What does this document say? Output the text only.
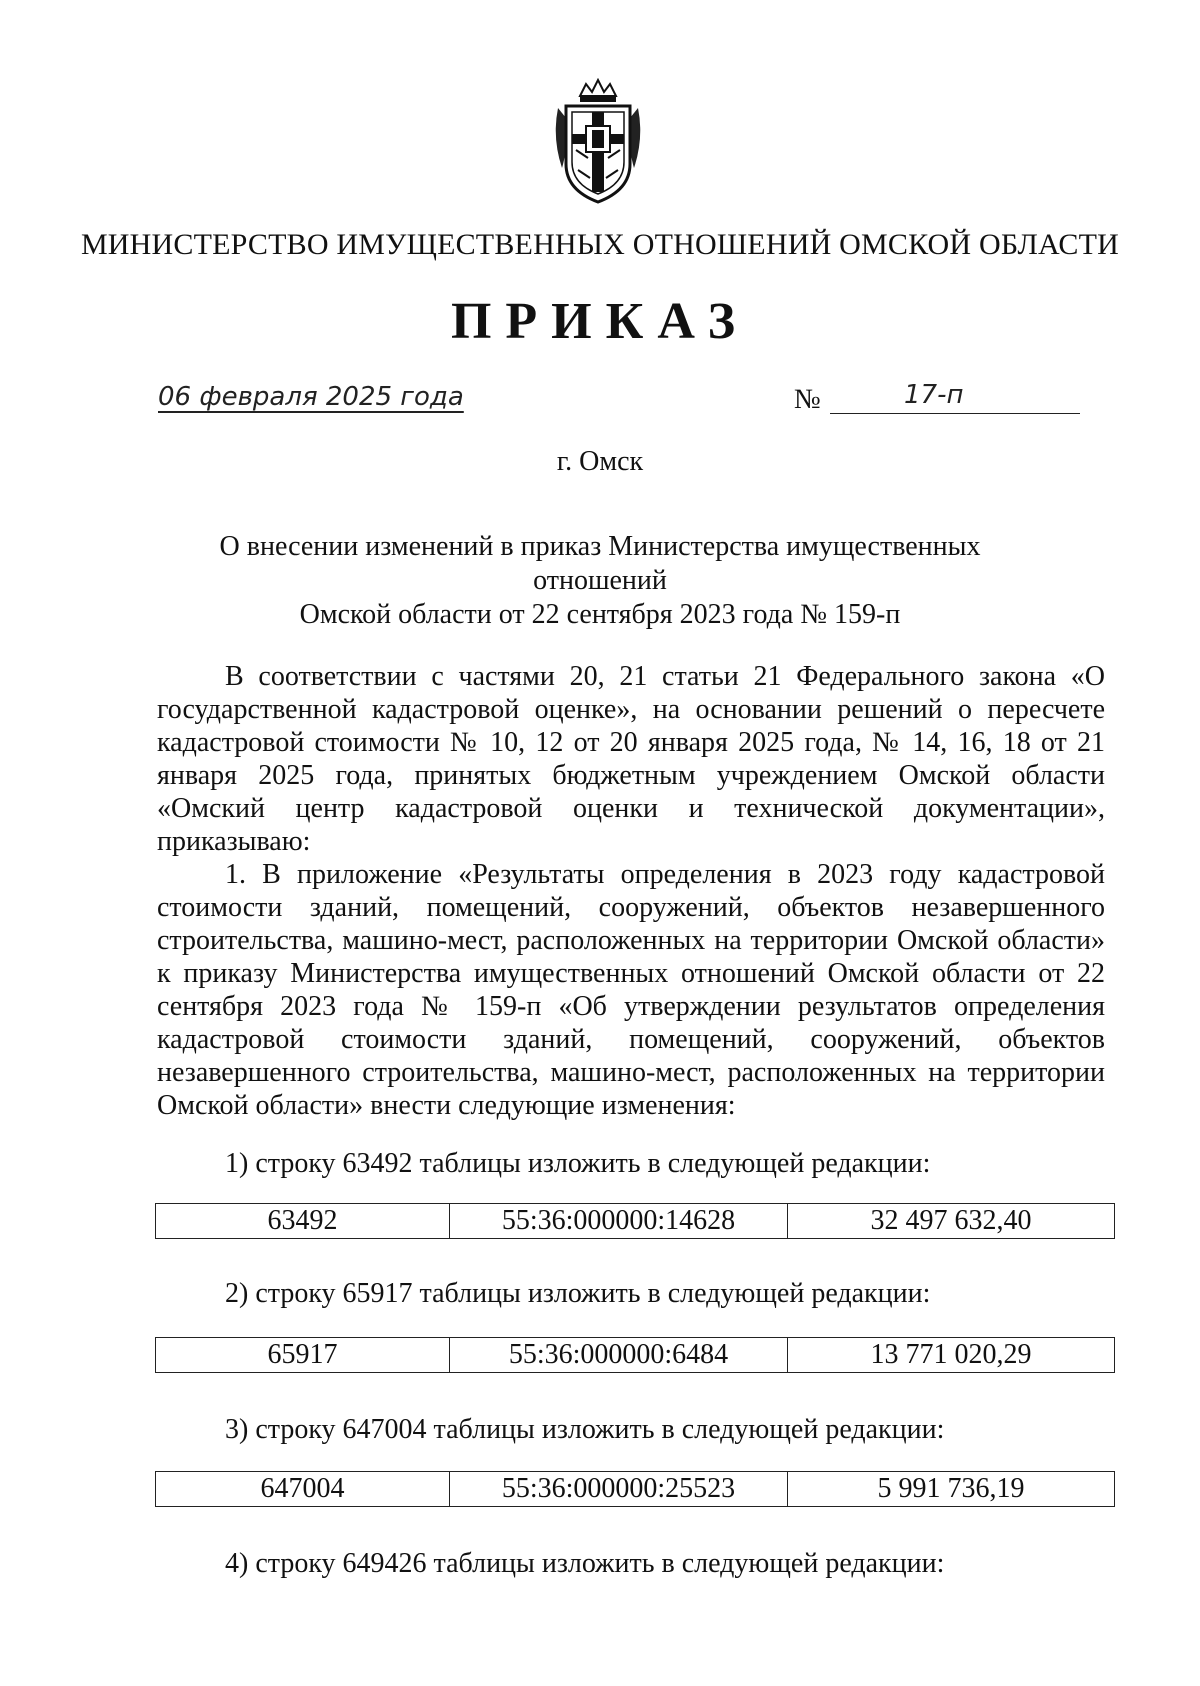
МИНИСТЕРСТВО ИМУЩЕСТВЕННЫХ ОТНОШЕНИЙ ОМСКОЙ ОБЛАСТИ
ПРИКАЗ
06 февраля 2025 года	№	17-п
г. Омск
О внесении изменений в приказ Министерства имущественных отношений
Омской области от 22 сентября 2023 года № 159-п

В соответствии с частями 20, 21 статьи 21 Федерального закона «О государственной кадастровой оценке», на основании решений о пересчете кадастровой стоимости № 10, 12 от 20 января 2025 года, № 14, 16, 18 от 21 января 2025 года, принятых бюджетным учреждением Омской области «Омский центр кадастровой оценки и технической документации», приказываю:

1. В приложение «Результаты определения в 2023 году кадастровой стоимости зданий, помещений, сооружений, объектов незавершенного строительства, машино-мест, расположенных на территории Омской области» к приказу Министерства имущественных отношений Омской области от 22 сентября 2023 года № 159-п «Об утверждении результатов определения кадастровой стоимости зданий, помещений, сооружений, объектов незавершенного строительства, машино-мест, расположенных на территории Омской области» внести следующие изменения:

1) строку 63492 таблицы изложить в следующей редакции:
63492	55:36:000000:14628	32 497 632,40
2) строку 65917 таблицы изложить в следующей редакции:
65917	55:36:000000:6484	13 771 020,29
3) строку 647004 таблицы изложить в следующей редакции:
647004	55:36:000000:25523	5 991 736,19
4) строку 649426 таблицы изложить в следующей редакции:
